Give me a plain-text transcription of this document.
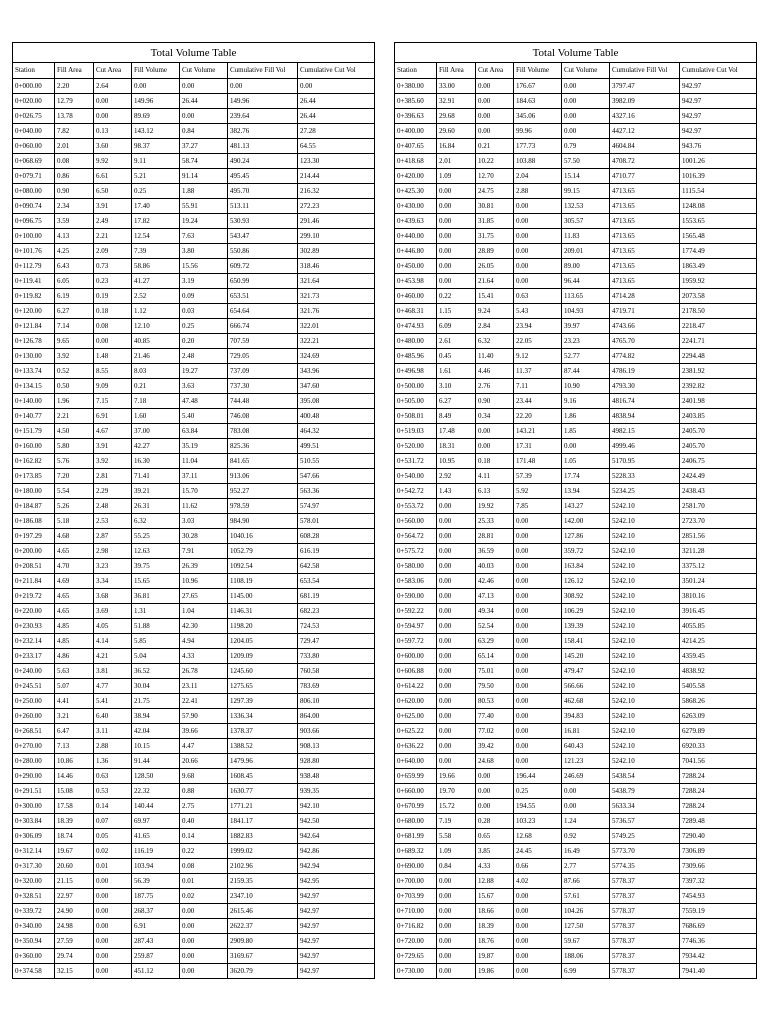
Total Volume Table						
Station	Fill Area	Cut Area	Fill Volume	Cut Volume	Cumulative Fill Vol	Cumulative Cut Vol
0+000.00	2.20	2.64	0.00	0.00	0.00	0.00
0+020.00	12.79	0.00	149.96	26.44	149.96	26.44
0+026.75	13.78	0.00	89.69	0.00	239.64	26.44
0+040.00	7.82	0.13	143.12	0.84	382.76	27.28
0+060.00	2.01	3.60	98.37	37.27	481.13	64.55
0+068.69	0.08	9.92	9.11	58.74	490.24	123.30
0+079.71	0.86	6.61	5.21	91.14	495.45	214.44
0+080.00	0.90	6.50	0.25	1.88	495.70	216.32
0+090.74	2.34	3.91	17.40	55.91	513.11	272.23
0+096.75	3.59	2.49	17.82	19.24	530.93	291.46
0+100.00	4.13	2.21	12.54	7.63	543.47	299.10
0+101.76	4.25	2.09	7.39	3.80	550.86	302.89
0+112.79	6.43	0.73	58.86	15.56	609.72	318.46
0+119.41	6.05	0.23	41.27	3.19	650.99	321.64
0+119.82	6.19	0.19	2.52	0.09	653.51	321.73
0+120.00	6.27	0.18	1.12	0.03	654.64	321.76
0+121.84	7.14	0.08	12.10	0.25	666.74	322.01
0+126.78	9.65	0.00	40.85	0.20	707.59	322.21
0+130.00	3.92	1.48	21.46	2.48	729.05	324.69
0+133.74	0.52	8.55	8.03	19.27	737.09	343.96
0+134.15	0.50	9.09	0.21	3.63	737.30	347.60
0+140.00	1.96	7.15	7.18	47.48	744.48	395.08
0+140.77	2.21	6.91	1.60	5.40	746.08	400.48
0+151.79	4.50	4.67	37.00	63.84	783.08	464.32
0+160.00	5.80	3.91	42.27	35.19	825.36	499.51
0+162.82	5.76	3.92	16.30	11.04	841.65	510.55
0+173.85	7.20	2.81	71.41	37.11	913.06	547.66
0+180.00	5.54	2.29	39.21	15.70	952.27	563.36
0+184.87	5.26	2.48	26.31	11.62	978.59	574.97
0+186.08	5.18	2.53	6.32	3.03	984.90	578.01
0+197.29	4.68	2.87	55.25	30.28	1040.16	608.28
0+200.00	4.65	2.98	12.63	7.91	1052.79	616.19
0+208.51	4.70	3.23	39.75	26.39	1092.54	642.58
0+211.84	4.69	3.34	15.65	10.96	1108.19	653.54
0+219.72	4.65	3.68	36.81	27.65	1145.00	681.19
0+220.00	4.65	3.69	1.31	1.04	1146.31	682.23
0+230.93	4.85	4.05	51.88	42.30	1198.20	724.53
0+232.14	4.85	4.14	5.85	4.94	1204.05	729.47
0+233.17	4.86	4.21	5.04	4.33	1209.09	733.80
0+240.00	5.63	3.81	36.52	26.78	1245.60	760.58
0+245.51	5.07	4.77	30.04	23.11	1275.65	783.69
0+250.00	4.41	5.41	21.75	22.41	1297.39	806.10
0+260.00	3.21	6.40	38.94	57.90	1336.34	864.00
0+268.51	6.47	3.11	42.04	39.66	1378.37	903.66
0+270.00	7.13	2.88	10.15	4.47	1388.52	908.13
0+280.00	10.86	1.36	91.44	20.66	1479.96	928.80
0+290.00	14.46	0.63	128.50	9.68	1608.45	938.48
0+291.51	15.08	0.53	22.32	0.88	1630.77	939.35
0+300.00	17.58	0.14	140.44	2.75	1771.21	942.10
0+303.84	18.39	0.07	69.97	0.40	1841.17	942.50
0+306.09	18.74	0.05	41.65	0.14	1882.83	942.64
0+312.14	19.67	0.02	116.19	0.22	1999.02	942.86
0+317.30	20.60	0.01	103.94	0.08	2102.96	942.94
0+320.00	21.15	0.00	56.39	0.01	2159.35	942.95
0+328.51	22.97	0.00	187.75	0.02	2347.10	942.97
0+339.72	24.90	0.00	268.37	0.00	2615.46	942.97
0+340.00	24.98	0.00	6.91	0.00	2622.37	942.97
0+350.94	27.59	0.00	287.43	0.00	2909.80	942.97
0+360.00	29.74	0.00	259.87	0.00	3169.67	942.97
0+374.58	32.15	0.00	451.12	0.00	3620.79	942.97
Total Volume Table						
Station	Fill Area	Cut Area	Fill Volume	Cut Volume	Cumulative Fill Vol	Cumulative Cut Vol
0+380.00	33.00	0.00	176.67	0.00	3797.47	942.97
0+385.60	32.91	0.00	184.63	0.00	3982.09	942.97
0+396.63	29.68	0.00	345.06	0.00	4327.16	942.97
0+400.00	29.60	0.00	99.96	0.00	4427.12	942.97
0+407.65	16.84	0.21	177.73	0.79	4604.84	943.76
0+418.68	2.01	10.22	103.88	57.50	4708.72	1001.26
0+420.00	1.09	12.70	2.04	15.14	4710.77	1016.39
0+425.30	0.00	24.75	2.88	99.15	4713.65	1115.54
0+430.00	0.00	30.81	0.00	132.53	4713.65	1248.08
0+439.63	0.00	31.85	0.00	305.57	4713.65	1553.65
0+440.00	0.00	31.75	0.00	11.83	4713.65	1565.48
0+446.80	0.00	28.89	0.00	209.01	4713.65	1774.49
0+450.00	0.00	26.05	0.00	89.00	4713.65	1863.49
0+453.98	0.00	21.64	0.00	96.44	4713.65	1959.92
0+460.00	0.22	15.41	0.63	113.65	4714.28	2073.58
0+468.31	1.15	9.24	5.43	104.93	4719.71	2178.50
0+474.93	6.09	2.84	23.94	39.97	4743.66	2218.47
0+480.00	2.61	6.32	22.05	23.23	4765.70	2241.71
0+485.96	0.45	11.40	9.12	52.77	4774.82	2294.48
0+496.98	1.61	4.46	11.37	87.44	4786.19	2381.92
0+500.00	3.10	2.76	7.11	10.90	4793.30	2392.82
0+505.00	6.27	0.90	23.44	9.16	4816.74	2401.98
0+508.01	8.49	0.34	22.20	1.86	4838.94	2403.85
0+519.03	17.48	0.00	143.21	1.85	4982.15	2405.70
0+520.00	18.31	0.00	17.31	0.00	4999.46	2405.70
0+531.72	10.95	0.18	171.48	1.05	5170.95	2406.75
0+540.00	2.92	4.11	57.39	17.74	5228.33	2424.49
0+542.72	1.43	6.13	5.92	13.94	5234.25	2438.43
0+553.72	0.00	19.92	7.85	143.27	5242.10	2581.70
0+560.00	0.00	25.33	0.00	142.00	5242.10	2723.70
0+564.72	0.00	28.81	0.00	127.86	5242.10	2851.56
0+575.72	0.00	36.59	0.00	359.72	5242.10	3211.28
0+580.00	0.00	40.03	0.00	163.84	5242.10	3375.12
0+583.06	0.00	42.46	0.00	126.12	5242.10	3501.24
0+590.00	0.00	47.13	0.00	308.92	5242.10	3810.16
0+592.22	0.00	49.34	0.00	106.29	5242.10	3916.45
0+594.97	0.00	52.54	0.00	139.39	5242.10	4055.85
0+597.72	0.00	63.29	0.00	158.41	5242.10	4214.25
0+600.00	0.00	65.14	0.00	145.20	5242.10	4359.45
0+606.88	0.00	75.01	0.00	479.47	5242.10	4838.92
0+614.22	0.00	79.50	0.00	566.66	5242.10	5405.58
0+620.00	0.00	80.53	0.00	462.68	5242.10	5868.26
0+625.00	0.00	77.40	0.00	394.83	5242.10	6263.09
0+625.22	0.00	77.02	0.00	16.81	5242.10	6279.89
0+636.22	0.00	39.42	0.00	640.43	5242.10	6920.33
0+640.00	0.00	24.68	0.00	121.23	5242.10	7041.56
0+659.99	19.66	0.00	196.44	246.69	5438.54	7288.24
0+660.00	19.70	0.00	0.25	0.00	5438.79	7288.24
0+670.99	15.72	0.00	194.55	0.00	5633.34	7288.24
0+680.00	7.19	0.28	103.23	1.24	5736.57	7289.48
0+681.99	5.58	0.65	12.68	0.92	5749.25	7290.40
0+689.32	1.09	3.85	24.45	16.49	5773.70	7306.89
0+690.00	0.84	4.33	0.66	2.77	5774.35	7309.66
0+700.00	0.00	12.88	4.02	87.66	5778.37	7397.32
0+703.99	0.00	15.67	0.00	57.61	5778.37	7454.93
0+710.00	0.00	18.66	0.00	104.26	5778.37	7559.19
0+716.82	0.00	18.39	0.00	127.50	5778.37	7686.69
0+720.00	0.00	18.76	0.00	59.67	5778.37	7746.36
0+729.65	0.00	19.87	0.00	188.06	5778.37	7934.42
0+730.00	0.00	19.86	0.00	6.99	5778.37	7941.40
